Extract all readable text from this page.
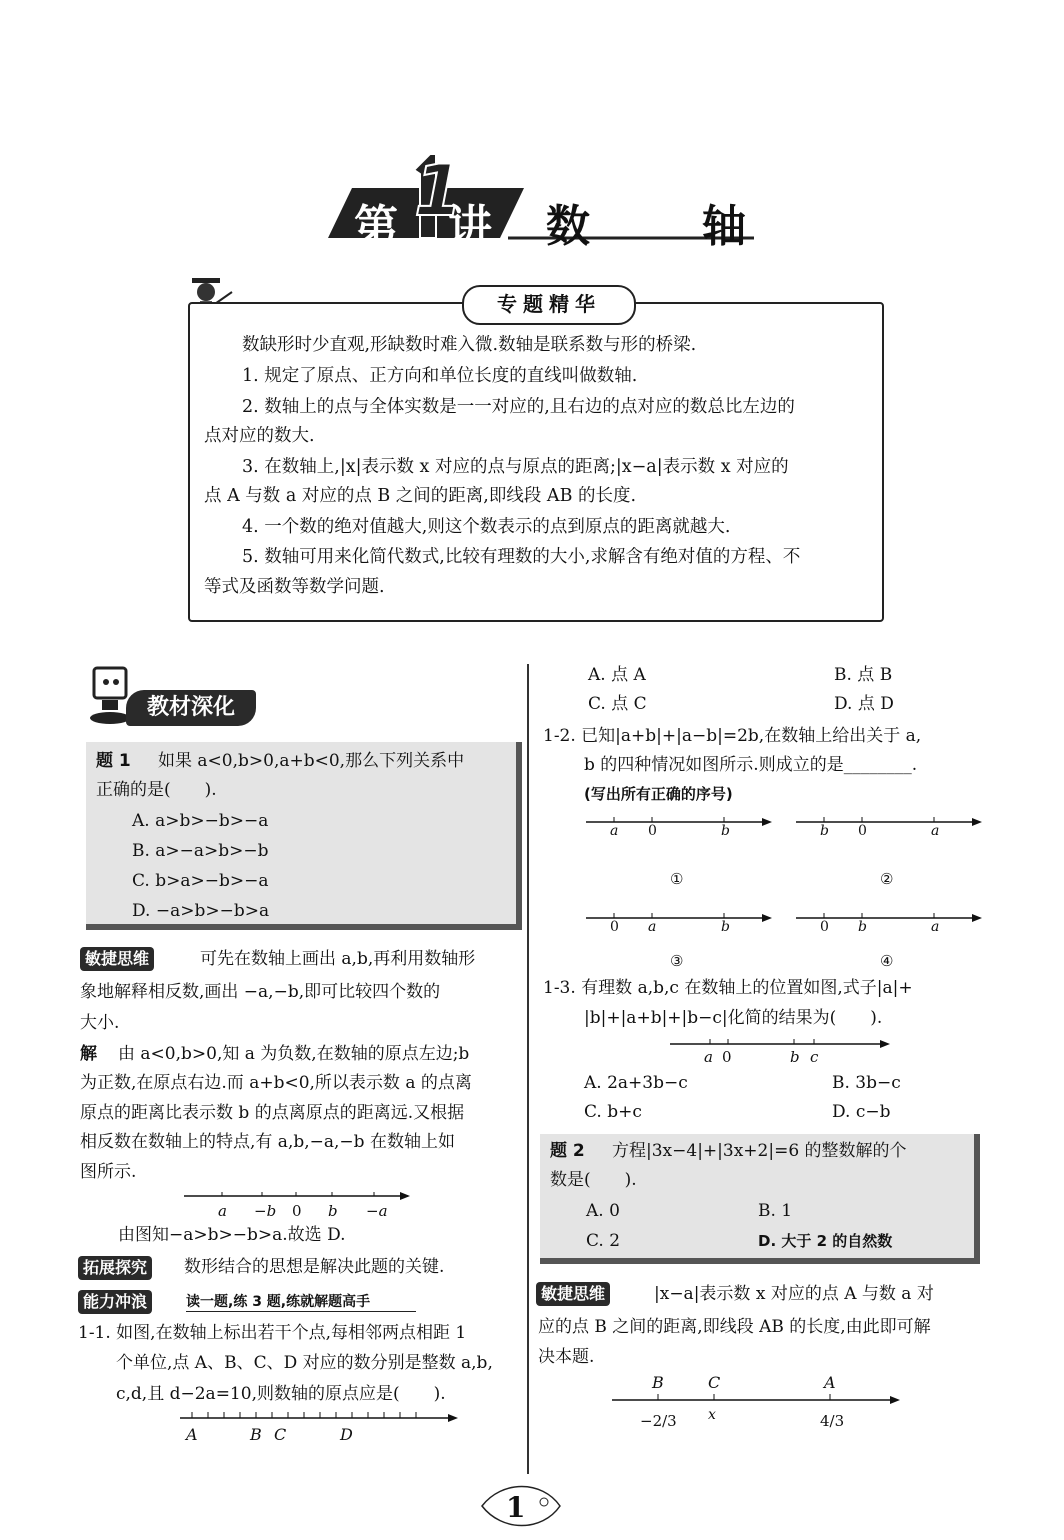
第 1
讲 数	轴
数缺形时少直观,形缺数时难入微.数轴是联系数与形的桥梁.
1. 规定了原点、正方向和单位长度的直线叫做数轴.
2. 数轴上的点与全体实数是一一对应的,且右边的点对应的数总比左边的
点对应的数大.
3. 在数轴上,|x|表示数 x 对应的点与原点的距离;|x−a|表示数 x 对应的
点 A 与数 a 对应的点 B 之间的距离,即线段 AB 的长度.
4. 一个数的绝对值越大,则这个数表示的点到原点的距离就越大.
5. 数轴可用来化简代数式,比较有理数的大小,求解含有绝对值的方程、不
等式及函数等数学问题.
专题精华
教材深化
题 1 如果 a<0,b>0,a+b<0,那么下列关系中
正确的是(　　).
A. a>b>−b>−a
B. a>−a>b>−b
C. b>a>−b>−a
D. −a>b>−b>a
敏捷思维	可先在数轴上画出 a,b,再利用数轴形
象地解释相反数,画出 −a,−b,即可比较四个数的
大小.
解 由 a<0,b>0,知 a 为负数,在数轴的原点左边;b
为正数,在原点右边.而 a+b<0,所以表示数 a 的点离
原点的距离比表示数 b 的点离原点的距离远.又根据
相反数在数轴上的特点,有 a,b,−a,−b 在数轴上如
图所示.
a −b 0 b −a
由图知−a>b>−b>a.故选 D.
拓展探究 数形结合的思想是解决此题的关键.
能力冲浪	读一题,练 3 题,练就解题高手
1-1. 如图,在数轴上标出若干个点,每相邻两点相距 1
个单位,点 A、B、C、D 对应的数分别是整数 a,b,
c,d,且 d−2a=10,则数轴的原点应是(　　).
A	B C	D
A. 点 A	B. 点 B
C. 点 C	D. 点 D
1-2. 已知|a+b|+|a−b|=2b,在数轴上给出关于 a,
b 的四种情况如图所示.则成立的是________.
(写出所有正确的序号)
a 0	b
①
b 0	a
②
0 a	b
③
0 b	a
④
1-3. 有理数 a,b,c 在数轴上的位置如图,式子|a|+
|b|+|a+b|+|b−c|化简的结果为(　　).
a 0	b c
A. 2a+3b−c	B. 3b−c
C. b+c	D. c−b
题 2 方程|3x−4|+|3x+2|=6 的整数解的个
数是(　　).
A. 0	B. 1
C. 2	D. 大于 2 的自然数
敏捷思维	|x−a|表示数 x 对应的点 A 与数 a 对
应的点 B 之间的距离,即线段 AB 的长度,由此即可解
决本题.
B	C	A
−2/3 x	4/3
1
